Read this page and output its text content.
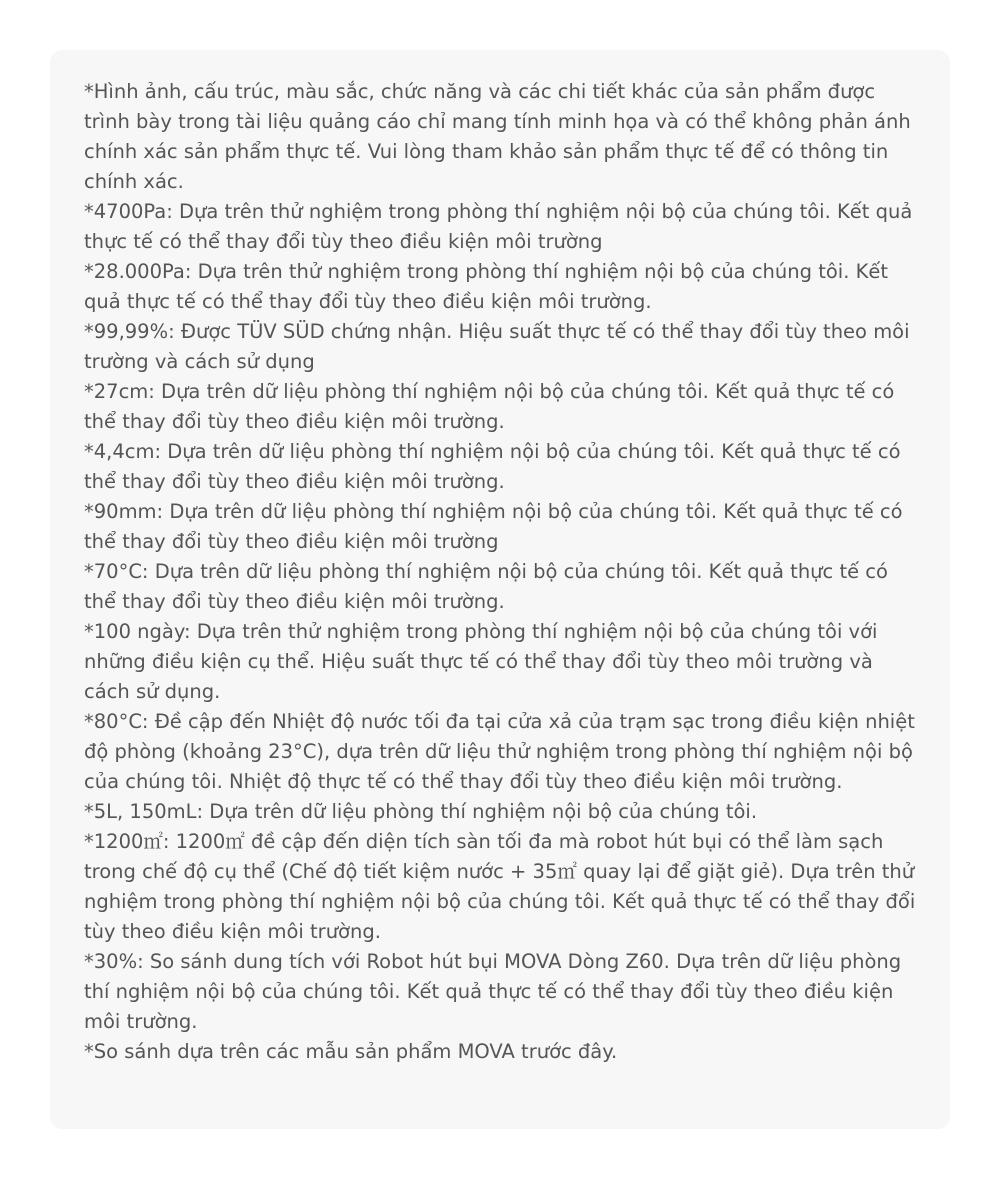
*Hình ảnh, cấu trúc, màu sắc, chức năng và các chi tiết khác của sản phẩm được trình bày trong tài liệu quảng cáo chỉ mang tính minh họa và có thể không phản ánh chính xác sản phẩm thực tế. Vui lòng tham khảo sản phẩm thực tế để có thông tin chính xác.
*4700Pa: Dựa trên thử nghiệm trong phòng thí nghiệm nội bộ của chúng tôi. Kết quả thực tế có thể thay đổi tùy theo điều kiện môi trường
*28.000Pa: Dựa trên thử nghiệm trong phòng thí nghiệm nội bộ của chúng tôi. Kết quả thực tế có thể thay đổi tùy theo điều kiện môi trường.
*99,99%: Được TÜV SÜD chứng nhận. Hiệu suất thực tế có thể thay đổi tùy theo môi trường và cách sử dụng
*27cm: Dựa trên dữ liệu phòng thí nghiệm nội bộ của chúng tôi. Kết quả thực tế có thể thay đổi tùy theo điều kiện môi trường.
*4,4cm: Dựa trên dữ liệu phòng thí nghiệm nội bộ của chúng tôi. Kết quả thực tế có thể thay đổi tùy theo điều kiện môi trường.
*90mm: Dựa trên dữ liệu phòng thí nghiệm nội bộ của chúng tôi. Kết quả thực tế có thể thay đổi tùy theo điều kiện môi trường
*70°C: Dựa trên dữ liệu phòng thí nghiệm nội bộ của chúng tôi. Kết quả thực tế có thể thay đổi tùy theo điều kiện môi trường.
*100 ngày: Dựa trên thử nghiệm trong phòng thí nghiệm nội bộ của chúng tôi với những điều kiện cụ thể. Hiệu suất thực tế có thể thay đổi tùy theo môi trường và cách sử dụng.
*80°C: Đề cập đến Nhiệt độ nước tối đa tại cửa xả của trạm sạc trong điều kiện nhiệt độ phòng (khoảng 23°C), dựa trên dữ liệu thử nghiệm trong phòng thí nghiệm nội bộ của chúng tôi. Nhiệt độ thực tế có thể thay đổi tùy theo điều kiện môi trường.
*5L, 150mL: Dựa trên dữ liệu phòng thí nghiệm nội bộ của chúng tôi.
*1200㎡: 1200㎡ đề cập đến diện tích sàn tối đa mà robot hút bụi có thể làm sạch trong chế độ cụ thể (Chế độ tiết kiệm nước + 35㎡ quay lại để giặt giẻ). Dựa trên thử nghiệm trong phòng thí nghiệm nội bộ của chúng tôi. Kết quả thực tế có thể thay đổi tùy theo điều kiện môi trường.
*30%: So sánh dung tích với Robot hút bụi MOVA Dòng Z60. Dựa trên dữ liệu phòng thí nghiệm nội bộ của chúng tôi. Kết quả thực tế có thể thay đổi tùy theo điều kiện môi trường.
*So sánh dựa trên các mẫu sản phẩm MOVA trước đây.
